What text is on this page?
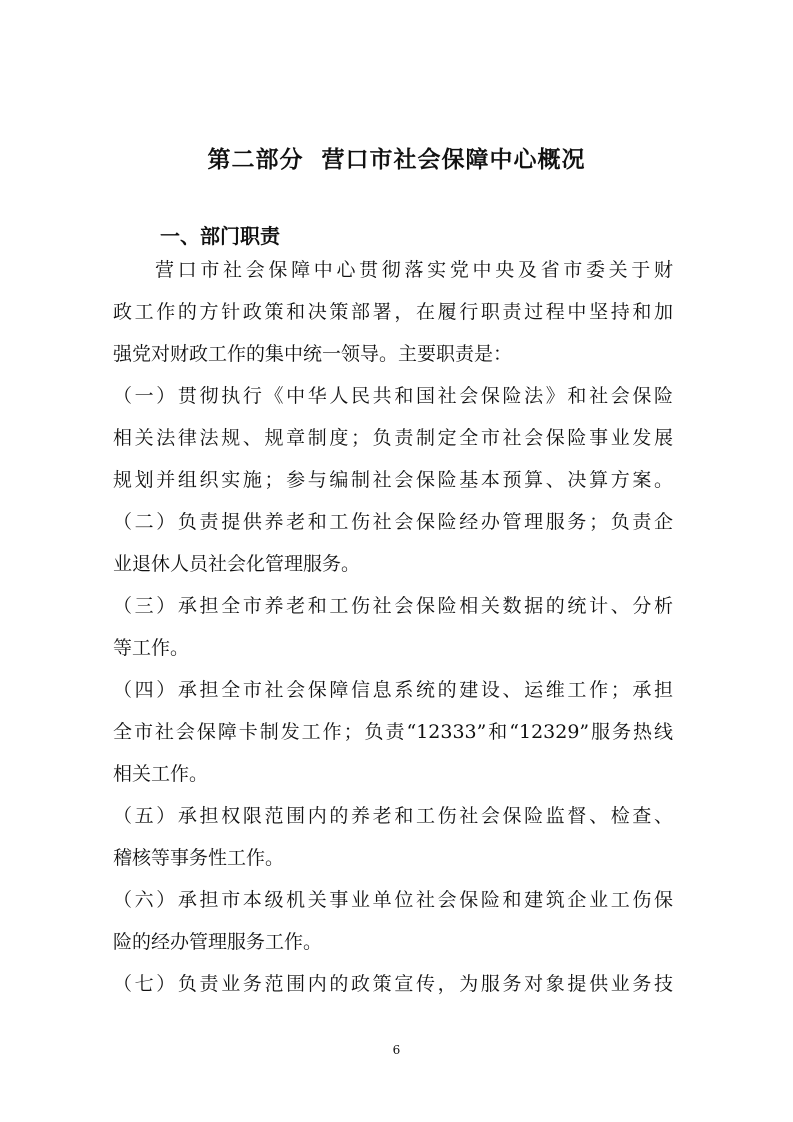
第二部分  营口市社会保障中心概况
一、部门职责
营口市社会保障中心贯彻落实党中央及省市委关于财
政工作的方针政策和决策部署，在履行职责过程中坚持和加
强党对财政工作的集中统一领导。主要职责是：
（一）贯彻执行《中华人民共和国社会保险法》和社会保险
相关法律法规、规章制度；负责制定全市社会保险事业发展
规划并组织实施；参与编制社会保险基本预算、决算方案。
（二）负责提供养老和工伤社会保险经办管理服务；负责企
业退休人员社会化管理服务。
（三）承担全市养老和工伤社会保险相关数据的统计、分析
等工作。
（四）承担全市社会保障信息系统的建设、运维工作；承担
全市社会保障卡制发工作；负责“12333”和“12329”服务热线
相关工作。
（五）承担权限范围内的养老和工伤社会保险监督、检查、
稽核等事务性工作。
（六）承担市本级机关事业单位社会保险和建筑企业工伤保
险的经办管理服务工作。
（七）负责业务范围内的政策宣传，为服务对象提供业务技
6
